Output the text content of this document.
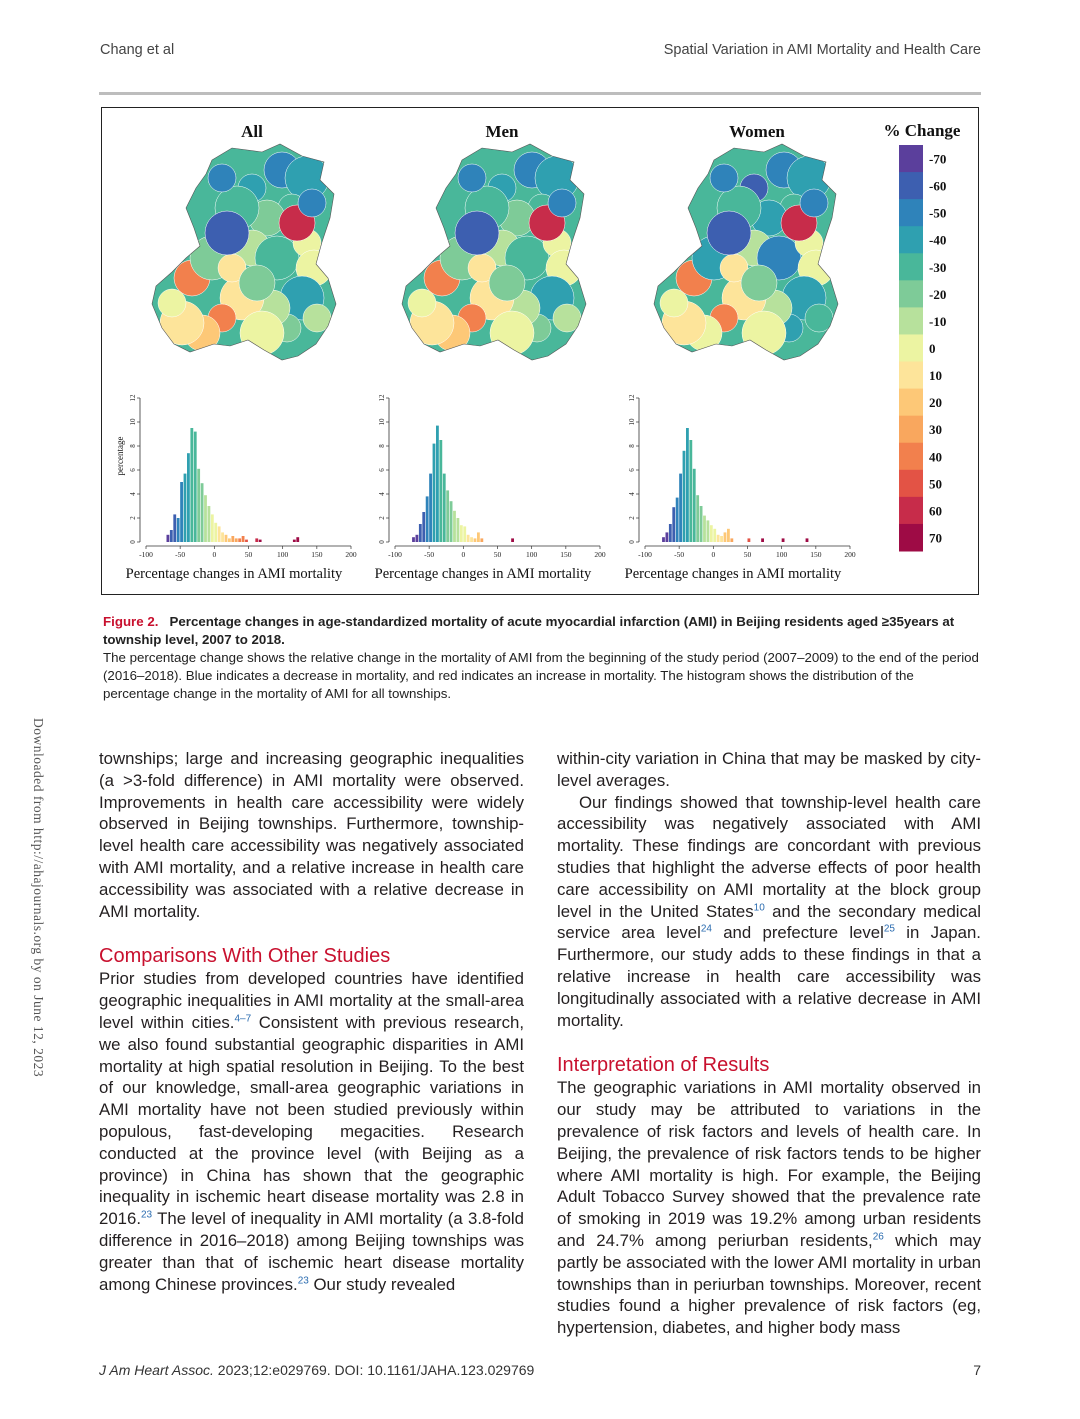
Chang et al	Spatial Variation in AMI Mortality and Health Care
All	Men	Women
-100	-50	0	50	100	150	200
0
2
4
6
8
10
12
Percentage changes in AMI mortality
percentage
-100	-50	0	50	100	150	200
0
2
4
6
8
10
12
Percentage changes in AMI mortality
-100	-50	0	50	100	150	200
0
2
4
6
8
10
12
Percentage changes in AMI mortality
% Change
-70
-60
-50
-40
-30
-20
-10
0
10
20
30
40
50
60
70
Figure 2. Percentage changes in age-standardized mortality of acute myocardial infarction (AMI) in Beijing residents aged ≥35years at township level, 2007 to 2018.
The percentage change shows the relative change in the mortality of AMI from the beginning of the study period (2007–2009) to the end of the period (2016–2018). Blue indicates a decrease in mortality, and red indicates an increase in mortality. The histogram shows the distribution of the percentage change in the mortality of AMI for all townships.
Downloaded from http://ahajournals.org by on June 12, 2023	townships; large and increasing geographic inequalities (a >3-fold difference) in AMI mortality were observed. Improvements in health care accessibility were widely observed in Beijing townships. Furthermore, township-level health care accessibility was negatively associated with AMI mortality, and a relative increase in health care accessibility was associated with a relative decrease in AMI mortality.

Comparisons With Other Studies

Prior studies from developed countries have identified geographic inequalities in AMI mortality at the small-area level within cities.$^{4-7}$ Consistent with previous research, we also found substantial geographic disparities in AMI mortality at high spatial resolution in Beijing. To the best of our knowledge, small-area geographic variations in AMI mortality have not been studied previously within populous, fast-developing megacities. Research conducted at the province level (with Beijing as a province) in China has shown that the geographic inequality in ischemic heart disease mortality was 2.8 in 2016.23 The level of inequality in AMI mortality (a 3.8-fold difference in 2016–2018) among Beijing townships was greater than that of ischemic heart disease mortality among Chinese provinces.$^{23}$ Our study revealed

within-city variation in China that may be masked by city-level averages.

Our findings showed that township-level health care accessibility was negatively associated with AMI mortality. These findings are concordant with previous studies that highlight the adverse effects of poor health care accessibility on AMI mortality at the block group level in the United States$^{10}$ and the secondary medical service area level$^{24}$ and prefecture level$^{25}$ in Japan. Furthermore, our study adds to these findings in that a relative increase in health care accessibility was longitudinally associated with a relative decrease in AMI mortality.

Interpretation of Results

The geographic variations in AMI mortality observed in our study may be attributed to variations in the prevalence of risk factors and levels of health care. In Beijing, the prevalence of risk factors tends to be higher where AMI mortality is high. For example, the Beijing Adult Tobacco Survey showed that the prevalence rate of smoking in 2019 was 19.2% among urban residents and 24.7% among periurban residents,$^{26}$ which may partly be associated with the lower AMI mortality in urban townships than in periurban townships. Moreover, recent studies found a higher prevalence of risk factors (eg, hypertension, diabetes, and higher body mass

J Am Heart Assoc. 2023;12:e029769. DOI: 10.1161/JAHA.123.029769	7
